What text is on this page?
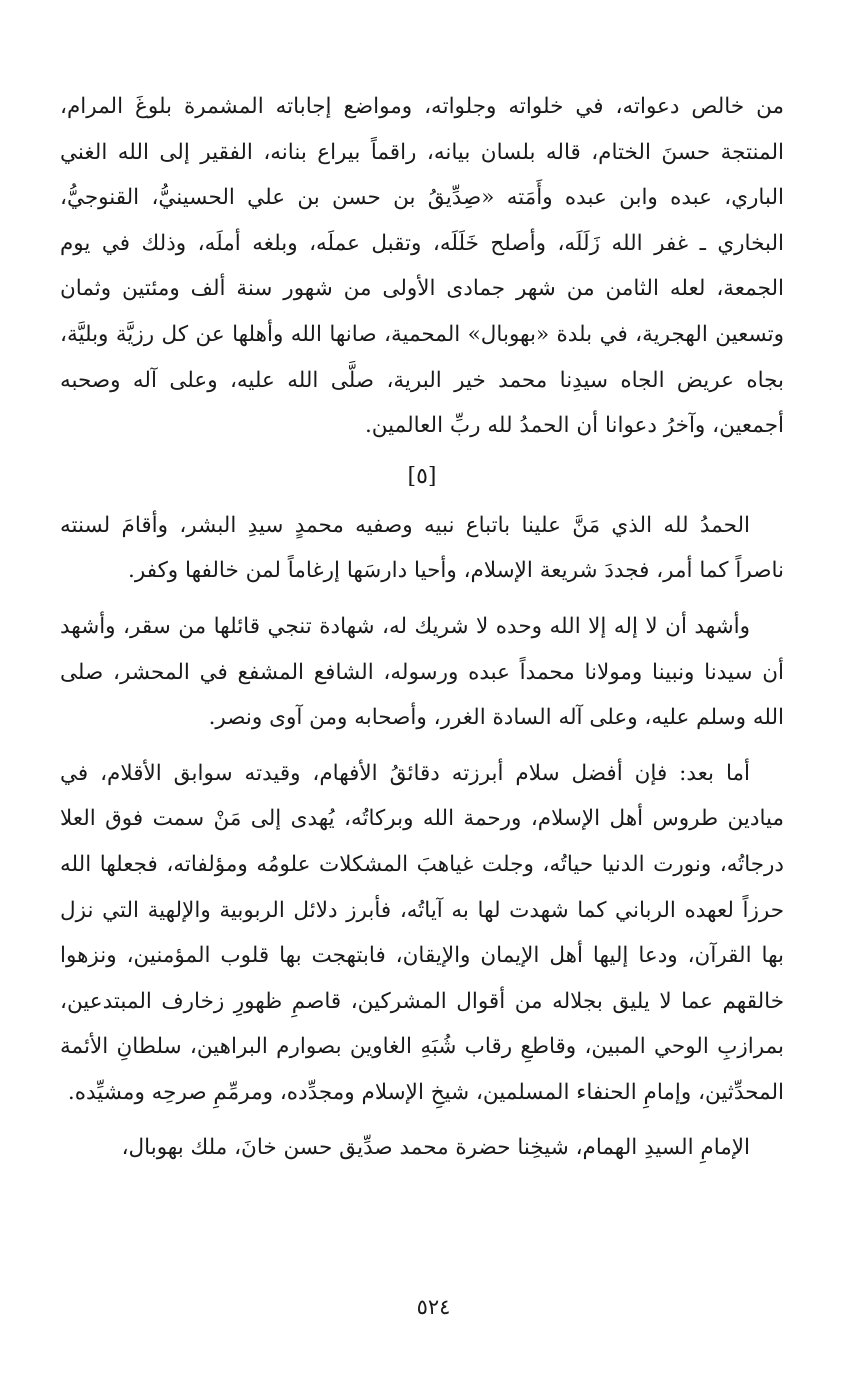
من خالص دعواته، في خلواته وجلواته، ومواضع إجاباته المشمرة بلوغَ المرام، المنتجة حسنَ الختام، قاله بلسان بيانه، راقماً بيراع بنانه، الفقير إلى الله الغني الباري، عبده وابن عبده وأَمَته «صِدِّيقُ بن حسن بن علي الحسينيُّ، القنوجيُّ، البخاري ـ غفر الله زَلَلَه، وأصلح خَلَلَه، وتقبل عملَه، وبلغه أملَه، وذلك في يوم الجمعة، لعله الثامن من شهر جمادى الأولى من شهور سنة ألف ومئتين وثمان وتسعين الهجرية، في بلدة «بهوبال» المحمية، صانها الله وأهلها عن كل رزيَّة وبليَّة، بجاه عريض الجاه سيدِنا محمد خير البرية، صلَّى الله عليه، وعلى آله وصحبه أجمعين، وآخرُ دعوانا أن الحمدُ لله ربِّ العالمين.

[٥]

الحمدُ لله الذي مَنَّ علينا باتباع نبيه وصفيه محمدٍ سيدِ البشر، وأقامَ لسنته ناصراً كما أمر، فجددَ شريعة الإسلام، وأحيا دارسَها إرغاماً لمن خالفها وكفر.

وأشهد أن لا إله إلا الله وحده لا شريك له، شهادة تنجي قائلها من سقر، وأشهد أن سيدنا ونبينا ومولانا محمداً عبده ورسوله، الشافع المشفع في المحشر، صلى الله وسلم عليه، وعلى آله السادة الغرر، وأصحابه ومن آوى ونصر.

أما بعد: فإن أفضل سلام أبرزته دقائقُ الأفهام، وقيدته سوابق الأقلام، في ميادين طروس أهل الإسلام، ورحمة الله وبركاتُه، يُهدى إلى مَنْ سمت فوق العلا درجاتُه، ونورت الدنيا حياتُه، وجلت غياهبَ المشكلات علومُه ومؤلفاته، فجعلها الله حرزاً لعهده الرباني كما شهدت لها به آياتُه، فأبرز دلائل الربوبية والإلهية التي نزل بها القرآن، ودعا إليها أهل الإيمان والإيقان، فابتهجت بها قلوب المؤمنين، ونزهوا خالقهم عما لا يليق بجلاله من أقوال المشركين، قاصمِ ظهورِ زخارف المبتدعين، بمرازبِ الوحي المبين، وقاطعِ رقاب شُبَهِ الغاوين بصوارم البراهين، سلطانِ الأئمة المحدِّثين، وإمامِ الحنفاء المسلمين، شيخِ الإسلام ومجدِّده، ومرمِّمِ صرحِه ومشيِّده.

الإمامِ السيدِ الهمام، شيخِنا حضرة محمد صدِّيق حسن خانَ، ملك بهوبال،

٥٢٤
